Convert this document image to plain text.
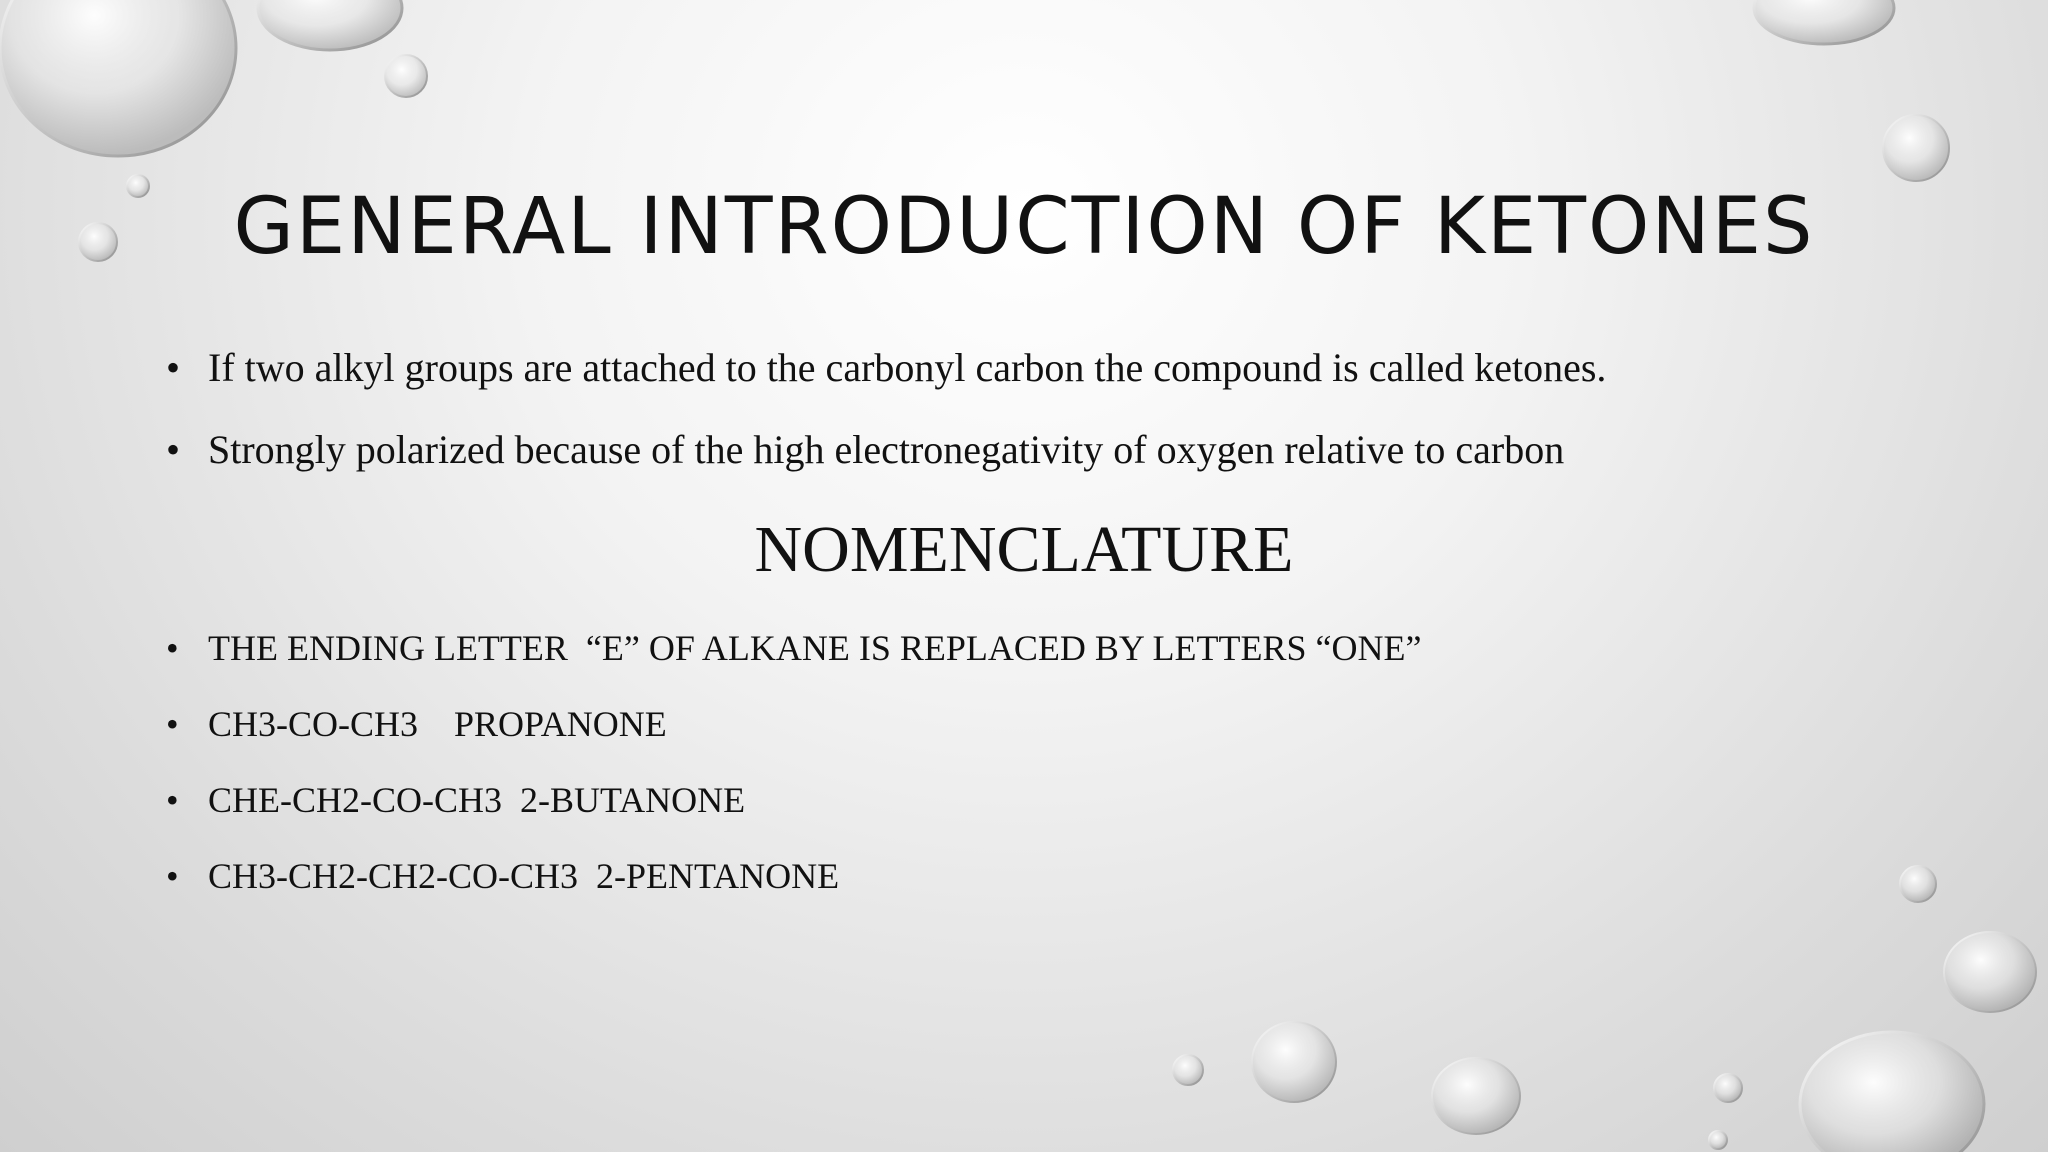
GENERAL INTRODUCTION OF KETONES
• If two alkyl groups are attached to the carbonyl carbon the compound is called ketones.
• Strongly polarized because of the high electronegativity of oxygen relative to carbon
NOMENCLATURE
• THE ENDING LETTER  “E” OF ALKANE IS REPLACED BY LETTERS “ONE”
• CH3-CO-CH3    PROPANONE
• CHE-CH2-CO-CH3  2-BUTANONE
• CH3-CH2-CH2-CO-CH3  2-PENTANONE
